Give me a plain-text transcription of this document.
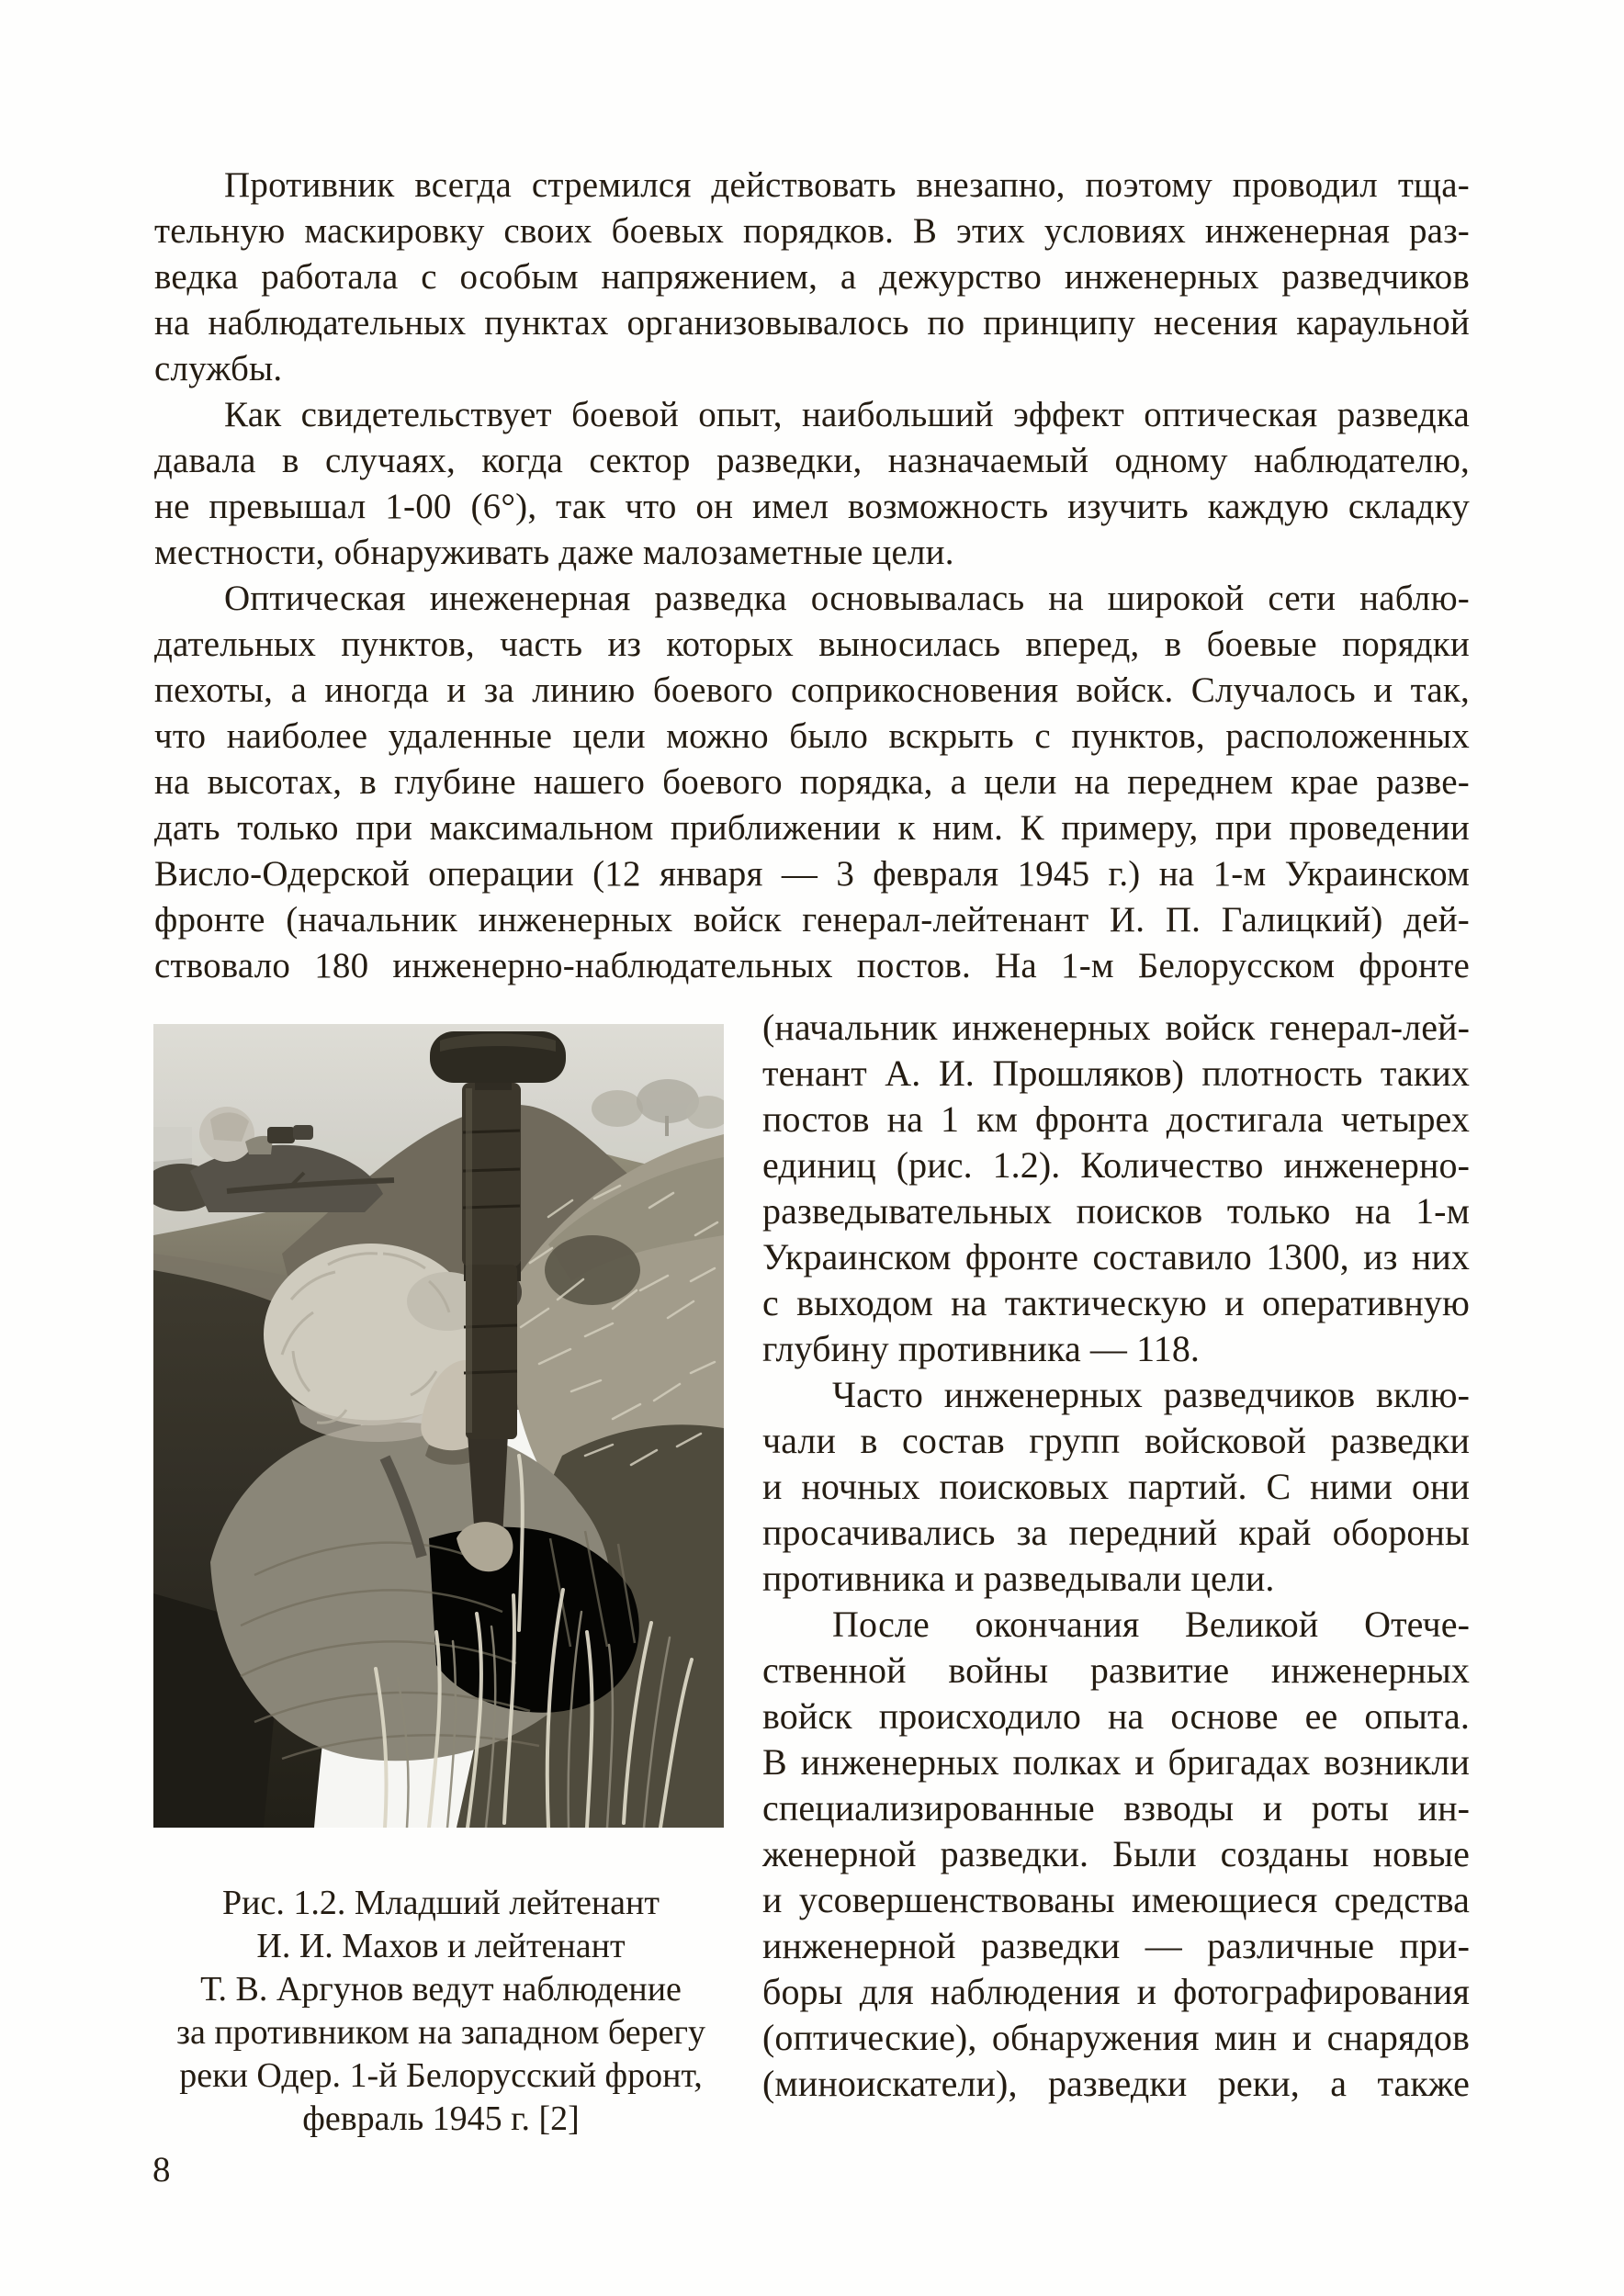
Противник всегда стремился действовать внезапно, поэтому проводил тща-
тельную маскировку своих боевых порядков. В этих условиях инженерная раз-
ведка работала с особым напряжением, а дежурство инженерных разведчиков
на наблюдательных пунктах организовывалось по принципу несения караульной
службы.
Как свидетельствует боевой опыт, наибольший эффект оптическая разведка
давала в случаях, когда сектор разведки, назначаемый одному наблюдателю,
не превышал 1-00 (6°), так что он имел возможность изучить каждую складку
местности, обнаруживать даже малозаметные цели.
Оптическая инеженерная разведка основывалась на широкой сети наблю-
дательных пунктов, часть из которых выносилась вперед, в боевые порядки
пехоты, а иногда и за линию боевого соприкосновения войск. Случалось и так,
что наиболее удаленные цели можно было вскрыть с пунктов, расположенных
на высотах, в глубине нашего боевого порядка, а цели на переднем крае разве-
дать только при максимальном приближении к ним. К примеру, при проведении
Висло-Одерской операции (12 января — 3 февраля 1945 г.) на 1-м Украинском
фронте (начальник инженерных войск генерал-лейтенант И. П. Галицкий) дей-
ствовало 180 инженерно-наблюдательных постов. На 1-м Белорусском фронте
(начальник инженерных войск генерал-лей-
тенант А. И. Прошляков) плотность таких
постов на 1 км фронта достигала четырех
единиц (рис. 1.2). Количество инженерно-
разведывательных поисков только на 1-м
Украинском фронте составило 1300, из них
с выходом на тактическую и оперативную
глубину противника — 118.
Часто инженерных разведчиков вклю-
чали в состав групп войсковой разведки
и ночных поисковых партий. С ними они
просачивались за передний край обороны
противника и разведывали цели.
После окончания Великой Отече-
ственной войны развитие инженерных
войск происходило на основе ее опыта.
В инженерных полках и бригадах возникли
специализированные взводы и роты ин-
женерной разведки. Были созданы новые
и усовершенствованы имеющиеся средства
инженерной разведки — различные при-
боры для наблюдения и фотографирования
(оптические), обнаружения мин и снарядов
(миноискатели), разведки реки, а также
Рис. 1.2. Младший лейтенант
И. И. Махов и лейтенант
Т. В. Аргунов ведут наблюдение
за противником на западном берегу
реки Одер. 1-й Белорусский фронт,
февраль 1945 г. [2]
8
